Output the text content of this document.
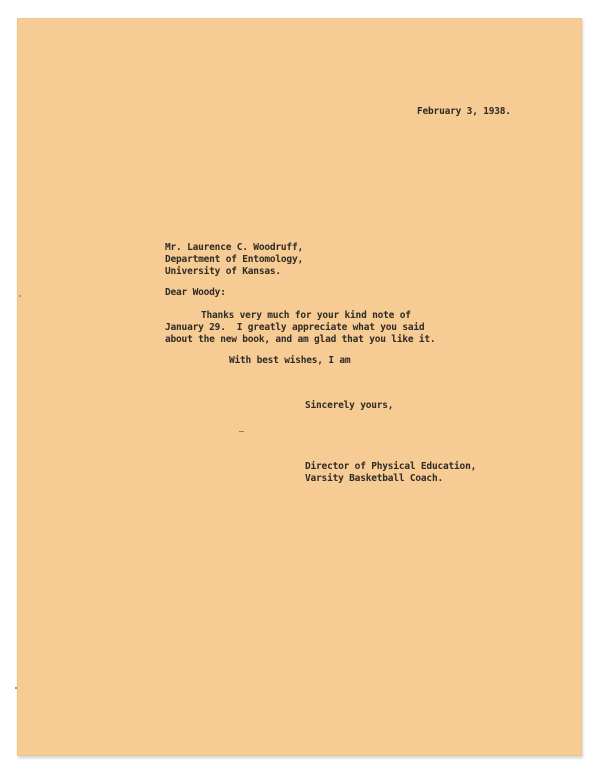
February 3, 1938.
Mr. Laurence C. Woodruff,
Department of Entomology,
University of Kansas.
Dear Woody:
Thanks very much for your kind note of
January 29.  I greatly appreciate what you said
about the new book, and am glad that you like it.
With best wishes, I am
Sincerely yours,
Director of Physical Education,
Varsity Basketball Coach.
